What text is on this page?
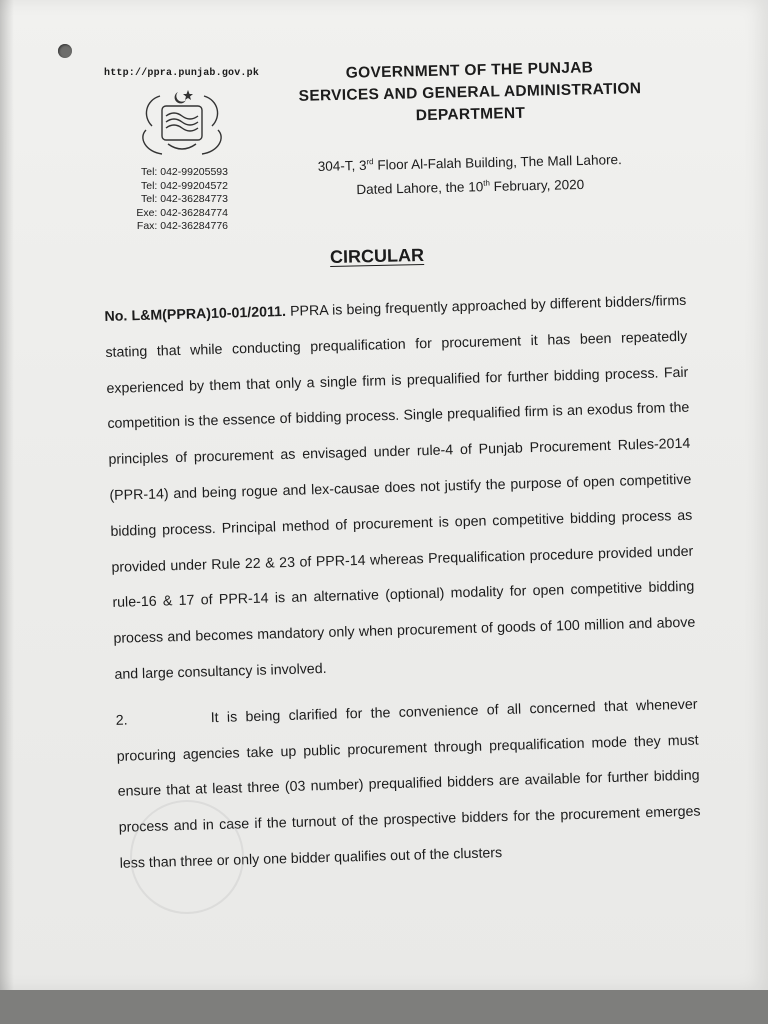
http://ppra.punjab.gov.pk
Tel: 042-99205593
Tel: 042-99204572
Tel: 042-36284773
Exe: 042-36284774
Fax: 042-36284776
GOVERNMENT OF THE PUNJAB
SERVICES AND GENERAL ADMINISTRATION
DEPARTMENT
304-T, 3rd Floor Al-Falah Building, The Mall Lahore.
Dated Lahore, the 10th February, 2020
CIRCULAR

No. L&M(PPRA)10-01/2011. PPRA is being frequently approached by different bidders/firms stating that while conducting prequalification for procurement it has been repeatedly experienced by them that only a single firm is prequalified for further bidding process. Fair competition is the essence of bidding process. Single prequalified firm is an exodus from the principles of procurement as envisaged under rule-4 of Punjab Procurement Rules-2014 (PPR-14) and being rogue and lex-causae does not justify the purpose of open competitive bidding process. Principal method of procurement is open competitive bidding process as provided under Rule 22 & 23 of PPR-14 whereas Prequalification procedure provided under rule-16 & 17 of PPR-14 is an alternative (optional) modality for open competitive bidding process and becomes mandatory only when procurement of goods of 100 million and above and large consultancy is involved.

2.	It is being clarified for the convenience of all concerned that whenever procuring agencies take up public procurement through prequalification mode they must ensure that at least three (03 number) prequalified bidders are available for further bidding process and in case if the turnout of the prospective bidders for the procurement emerges less than three or only one bidder qualifies out of the clusters
